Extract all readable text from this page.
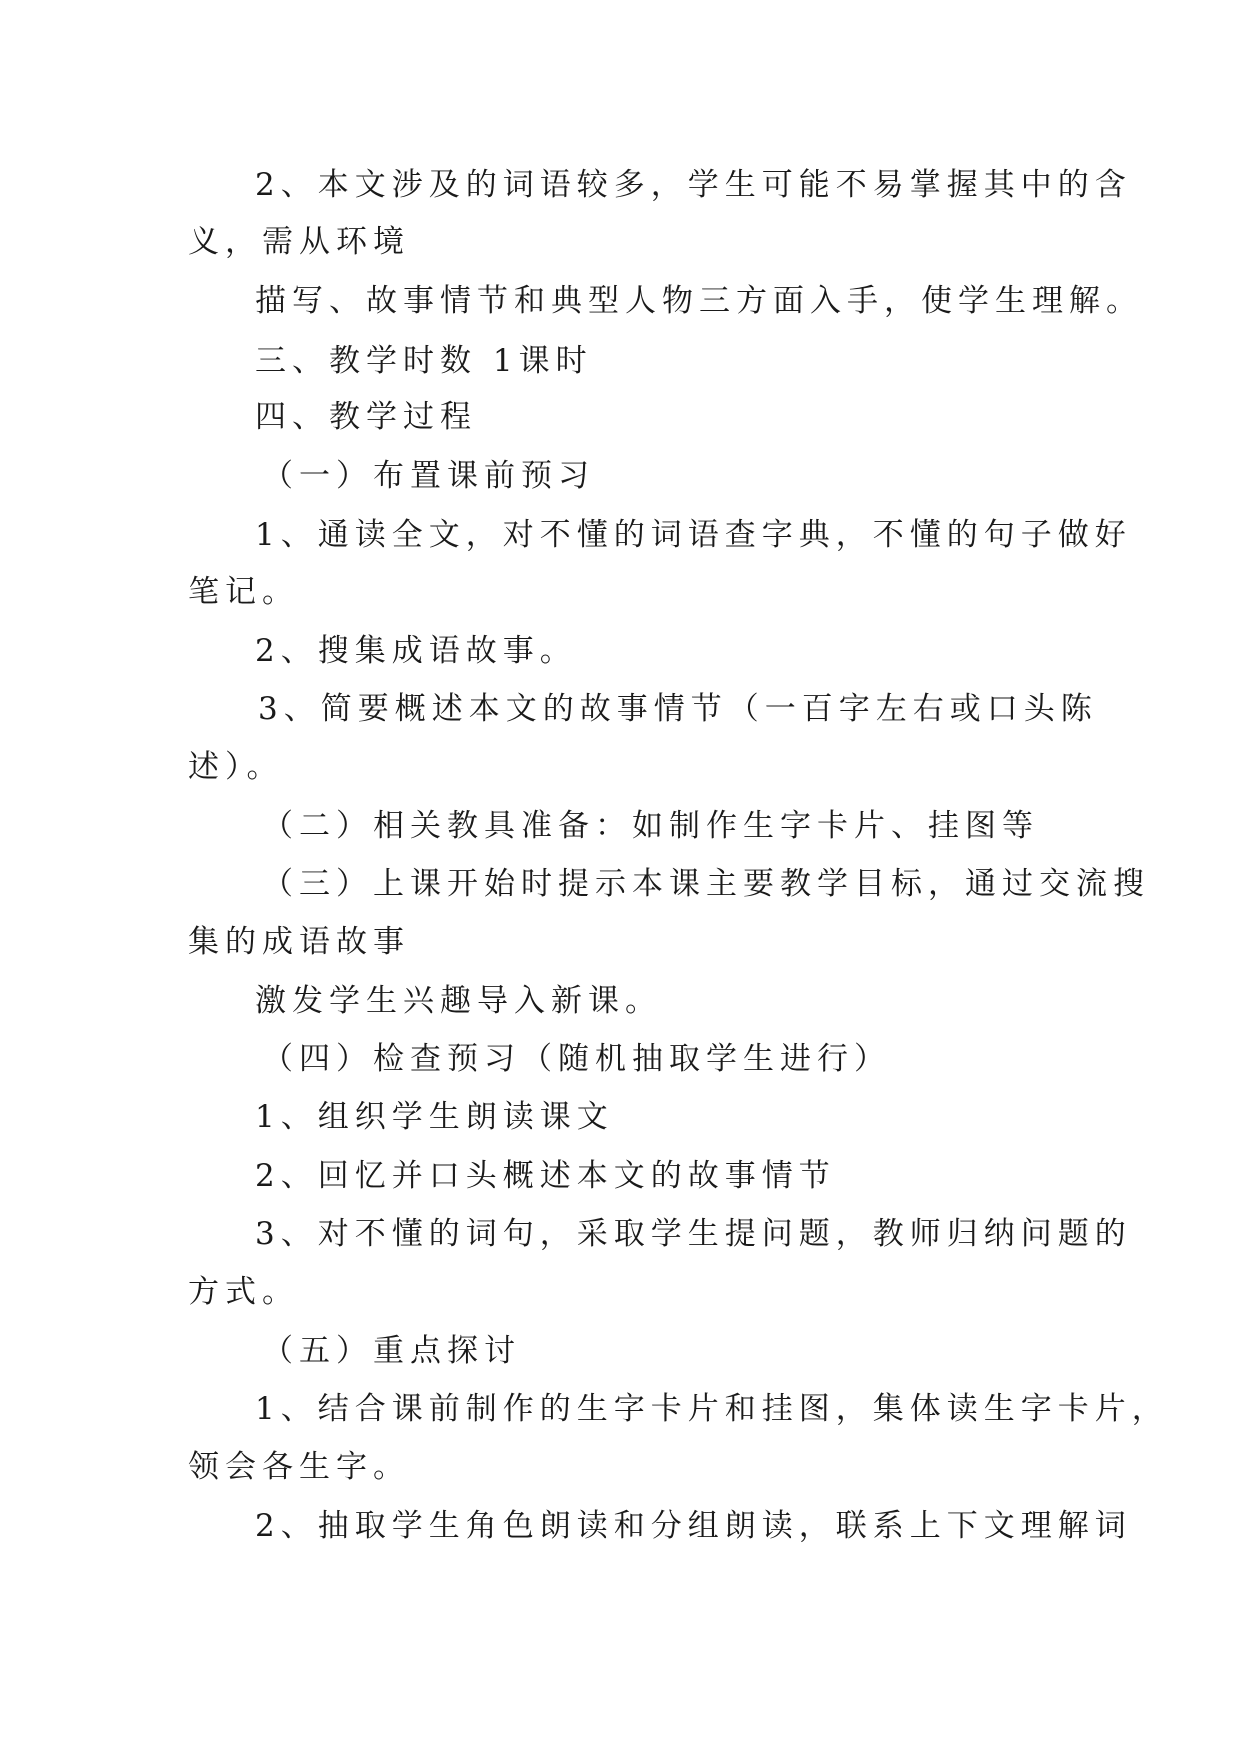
2、本文涉及的词语较多，学生可能不易掌握其中的含
义，需从环境
描写、故事情节和典型人物三方面入手，使学生理解。
三、教学时数 1课时
四、教学过程
（一）布置课前预习
1、通读全文，对不懂的词语查字典，不懂的句子做好
笔记。
2、搜集成语故事。
3、简要概述本文的故事情节（一百字左右或口头陈
述）。
（二）相关教具准备：如制作生字卡片、挂图等
（三）上课开始时提示本课主要教学目标，通过交流搜
集的成语故事
激发学生兴趣导入新课。
（四）检查预习（随机抽取学生进行）
1、组织学生朗读课文
2、回忆并口头概述本文的故事情节
3、对不懂的词句，采取学生提问题，教师归纳问题的
方式。
（五）重点探讨
1、结合课前制作的生字卡片和挂图，集体读生字卡片，
领会各生字。
2、抽取学生角色朗读和分组朗读，联系上下文理解词
